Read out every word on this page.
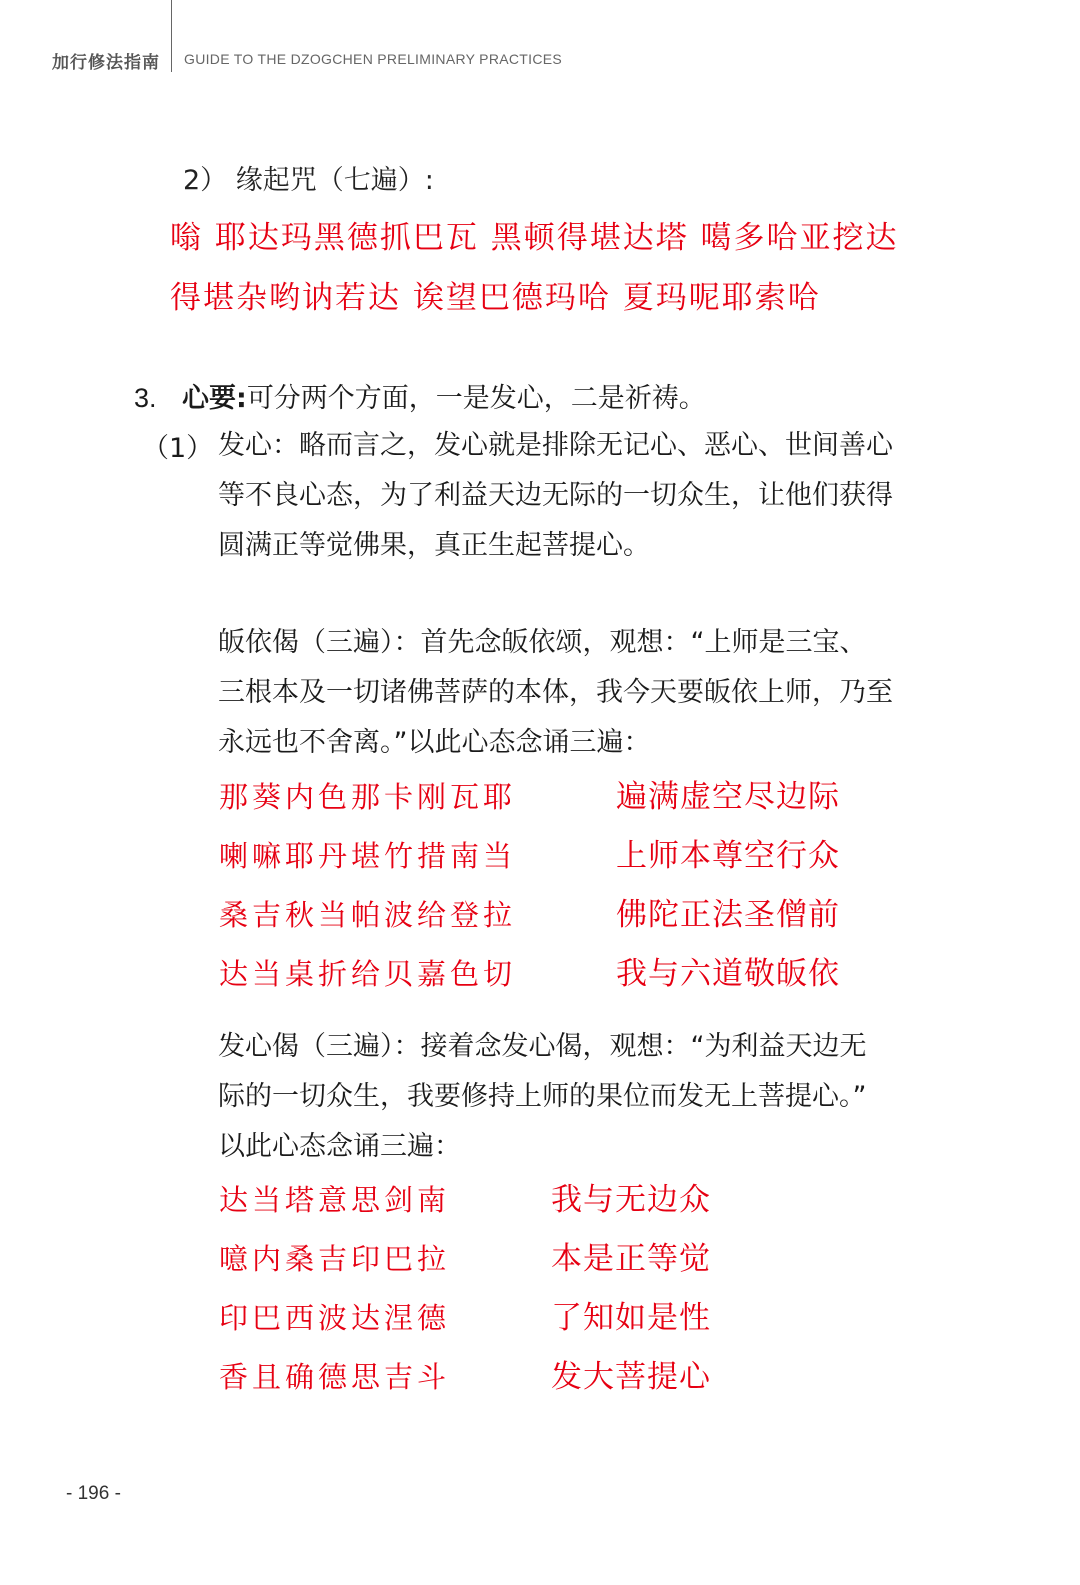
加行修法指南 GUIDE TO THE DZOGCHEN PRELIMINARY PRACTICES
2） 缘起咒（七遍）:
嗡 耶达玛黑德抓巴瓦 黑顿得堪达塔 噶多哈亚挖达
得堪杂哟讷若达 诶望巴德玛哈 夏玛呢耶索哈
3. 心要:可分两个方面，一是发心，二是祈祷。
（1） 发心：略而言之，发心就是排除无记心、恶心、世间善心

等不良心态，为了利益天边无际的一切众生，让他们获得

圆满正等觉佛果，真正生起菩提心。

皈依偈（三遍）：首先念皈依颂，观想：“上师是三宝、

三根本及一切诸佛菩萨的本体，我今天要皈依上师，乃至

永远也不舍离。”以此心态念诵三遍：

那葵内色那卡刚瓦耶
喇嘛耶丹堪竹措南当
桑吉秋当帕波给登拉
达当桌折给贝嘉色切
遍满虚空尽边际
上师本尊空行众
佛陀正法圣僧前
我与六道敬皈依

发心偈（三遍）：接着念发心偈，观想：“为利益天边无

际的一切众生，我要修持上师的果位而发无上菩提心。”

以此心态念诵三遍：

达当塔意思剑南
噫内桑吉印巴拉
印巴西波达涅德
香且确德思吉斗
我与无边众
本是正等觉
了知如是性
发大菩提心
- 196 -
